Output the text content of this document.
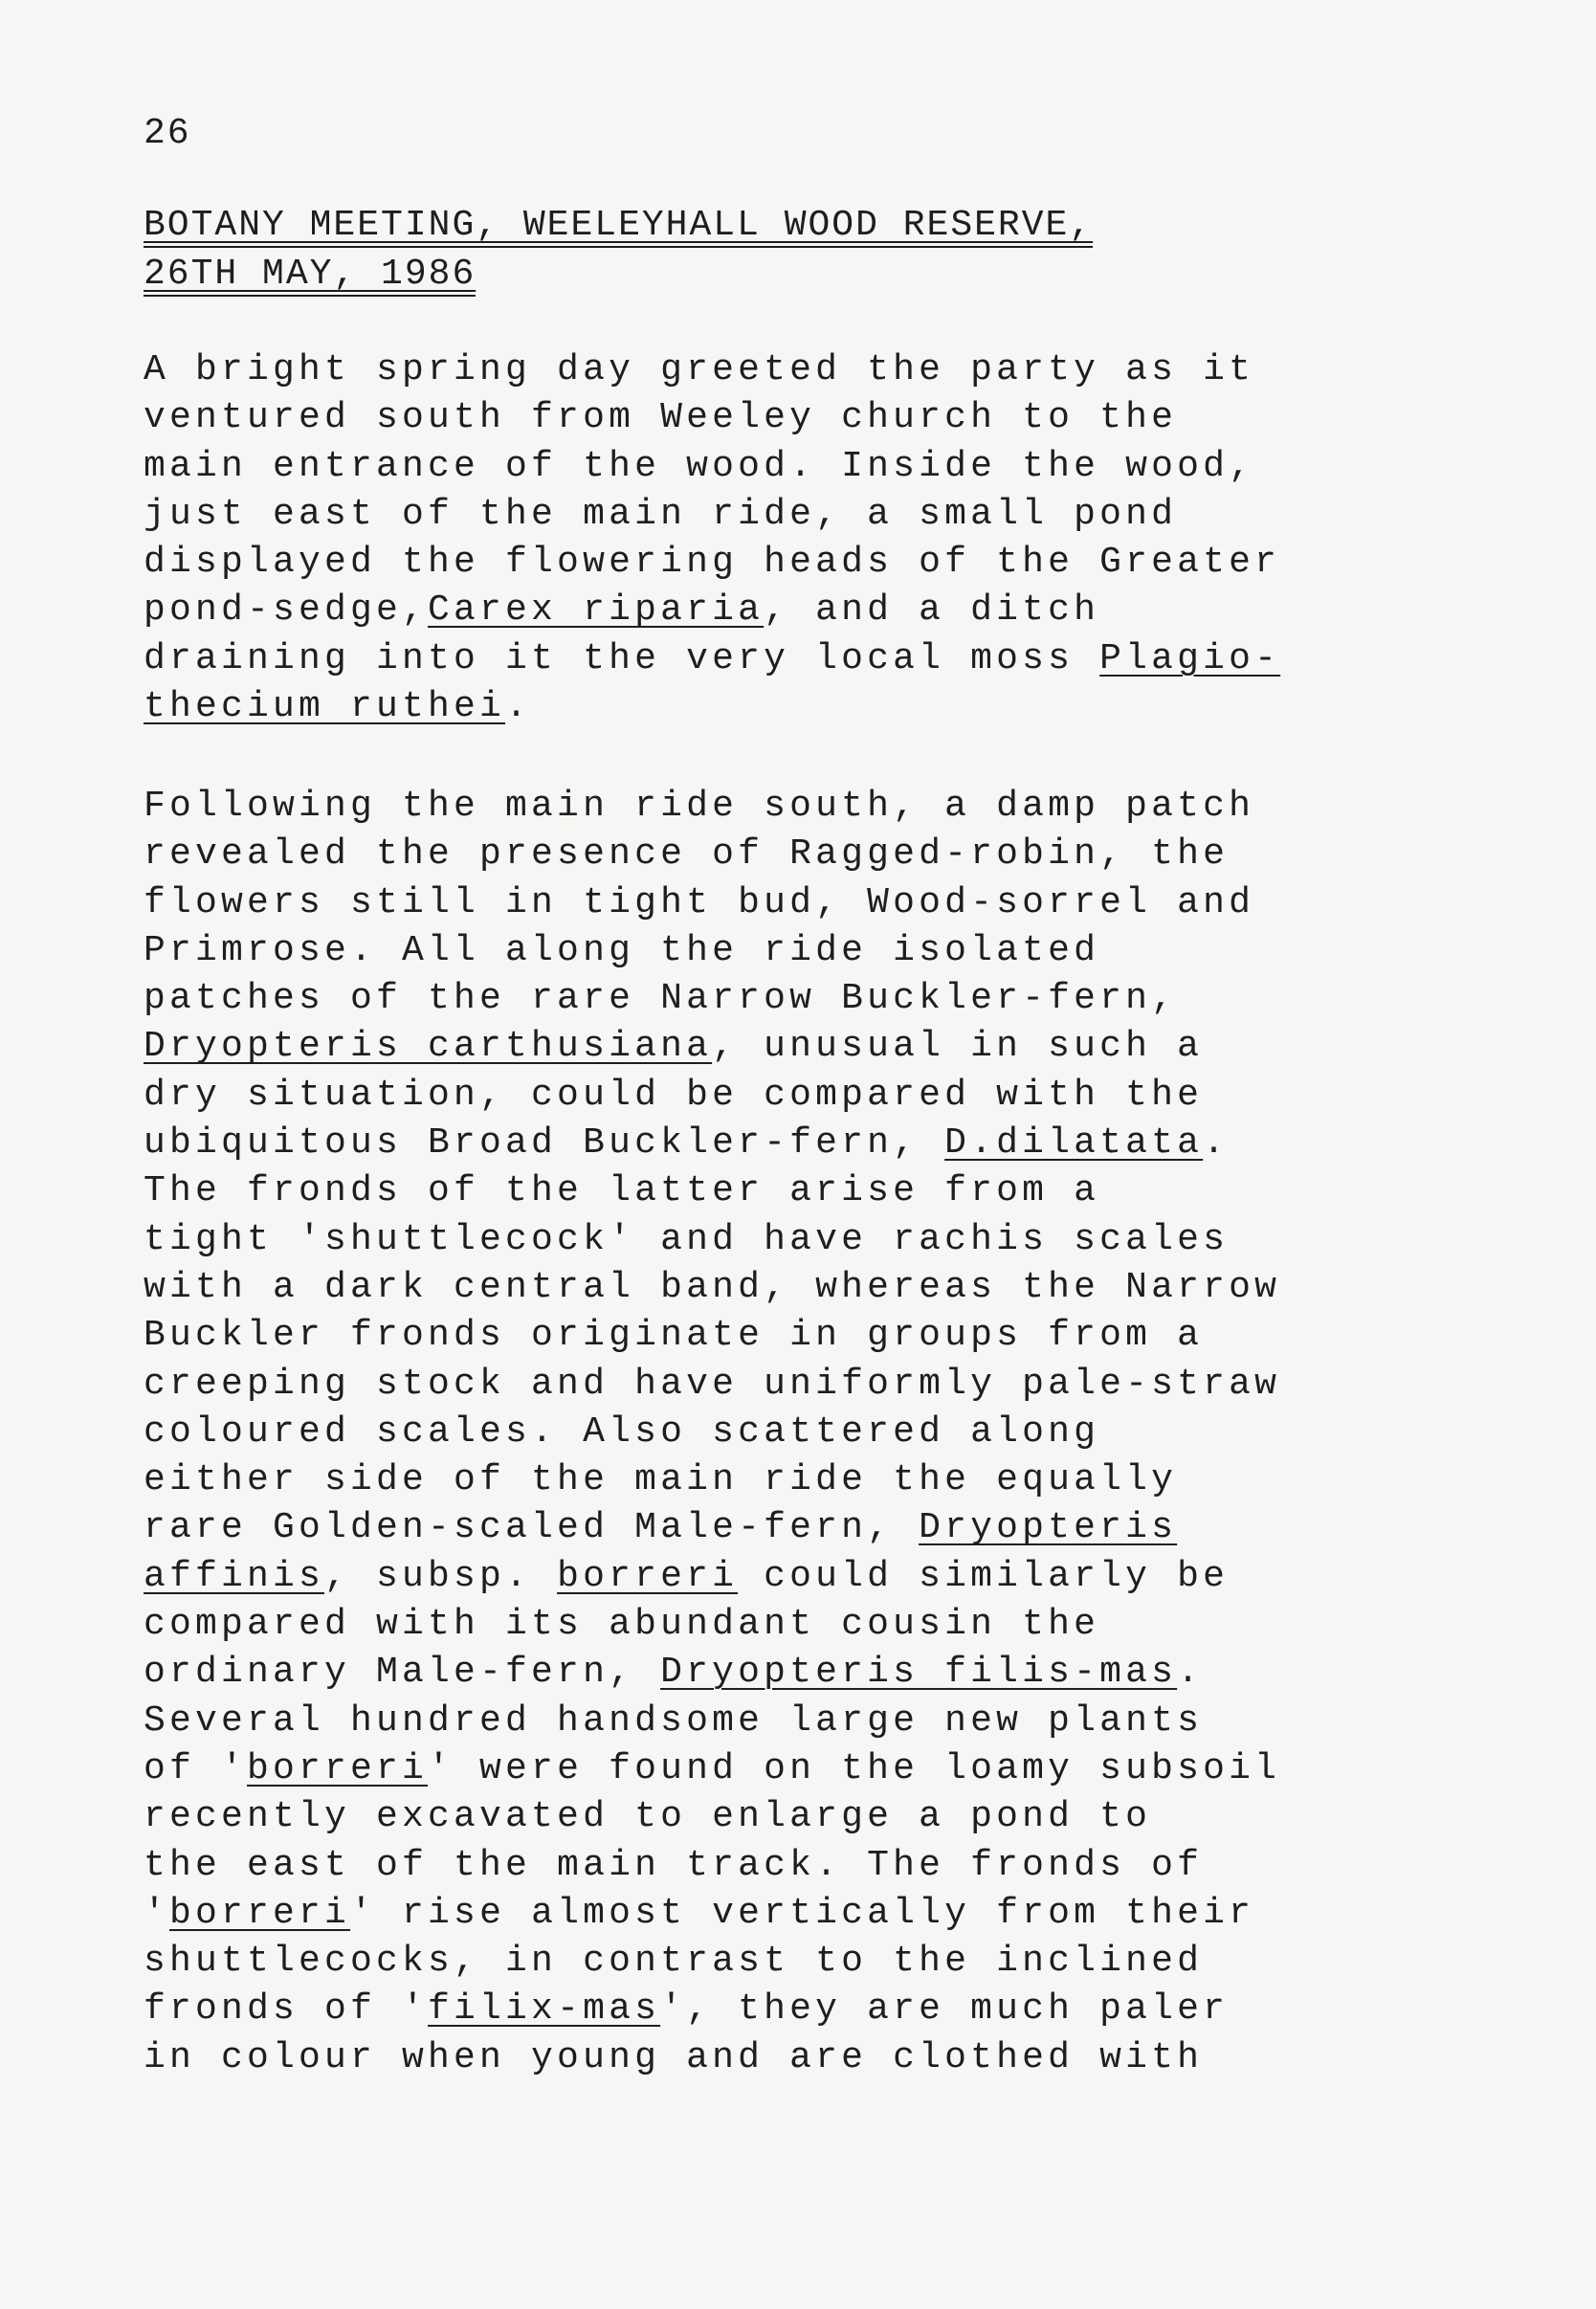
26
BOTANY MEETING, WEELEYHALL WOOD RESERVE,
26TH MAY, 1986
A bright spring day greeted the party as it
ventured south from Weeley church to the
main entrance of the wood. Inside the wood,
just east of the main ride, a small pond
displayed the flowering heads of the Greater
pond-sedge,Carex riparia, and a ditch
draining into it the very local moss Plagio-
thecium ruthei.
Following the main ride south, a damp patch
revealed the presence of Ragged-robin, the
flowers still in tight bud, Wood-sorrel and
Primrose. All along the ride isolated
patches of the rare Narrow Buckler-fern,
Dryopteris carthusiana, unusual in such a
dry situation, could be compared with the
ubiquitous Broad Buckler-fern, D.dilatata.
The fronds of the latter arise from a
tight 'shuttlecock' and have rachis scales
with a dark central band, whereas the Narrow
Buckler fronds originate in groups from a
creeping stock and have uniformly pale-straw
coloured scales. Also scattered along
either side of the main ride the equally
rare Golden-scaled Male-fern, Dryopteris
affinis, subsp. borreri could similarly be
compared with its abundant cousin the
ordinary Male-fern, Dryopteris filis-mas.
Several hundred handsome large new plants
of 'borreri' were found on the loamy subsoil
recently excavated to enlarge a pond to
the east of the main track. The fronds of
'borreri' rise almost vertically from their
shuttlecocks, in contrast to the inclined
fronds of 'filix-mas', they are much paler
in colour when young and are clothed with
